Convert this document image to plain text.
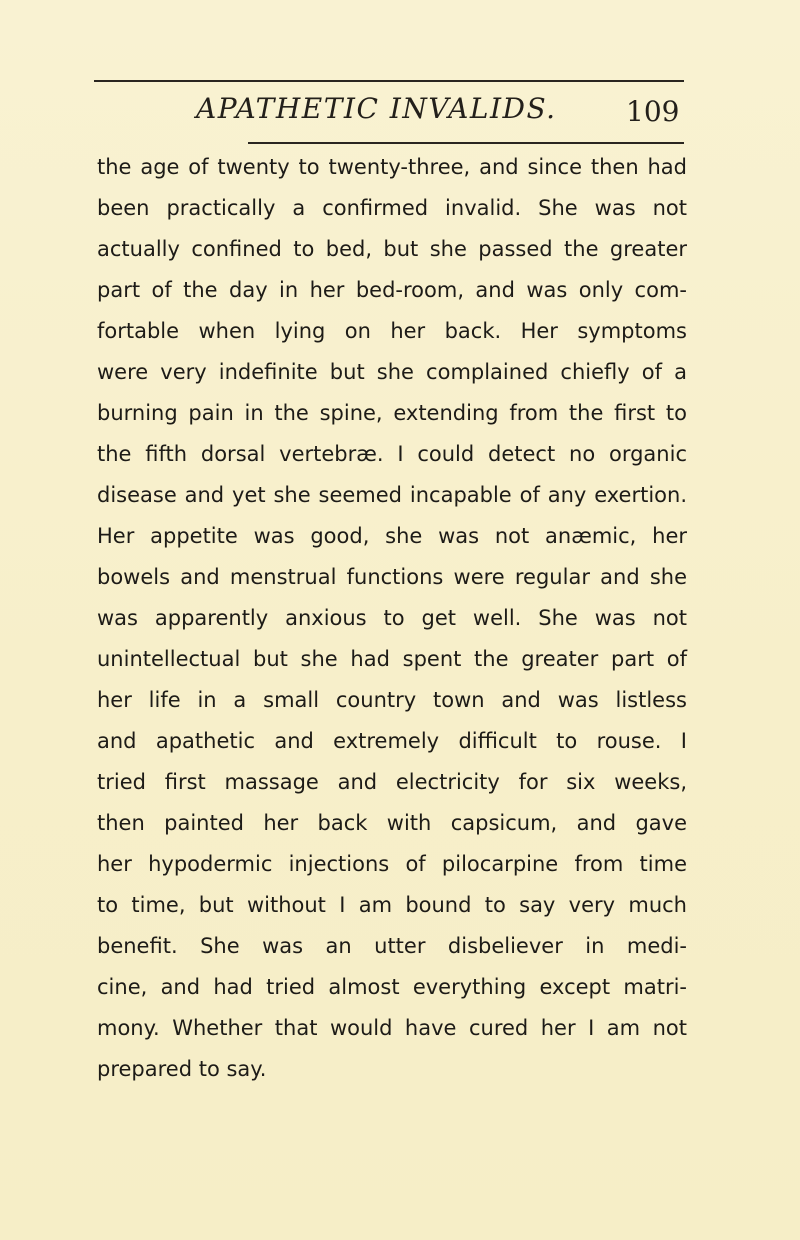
APATHETIC INVALIDS. 109
the age of twenty to twenty-three, and since then had
been practically a confirmed invalid. She was not
actually confined to bed, but she passed the greater
part of the day in her bed-room, and was only com-
fortable when lying on her back. Her symptoms
were very indefinite but she complained chiefly of a
burning pain in the spine, extending from the first to
the fifth dorsal vertebræ. I could detect no organic
disease and yet she seemed incapable of any exertion.
Her appetite was good, she was not anæmic, her
bowels and menstrual functions were regular and she
was apparently anxious to get well. She was not
unintellectual but she had spent the greater part of
her life in a small country town and was listless
and apathetic and extremely difficult to rouse. I
tried first massage and electricity for six weeks,
then painted her back with capsicum, and gave
her hypodermic injections of pilocarpine from time
to time, but without I am bound to say very much
benefit. She was an utter disbeliever in medi-
cine, and had tried almost everything except matri-
mony. Whether that would have cured her I am not
prepared to say.
